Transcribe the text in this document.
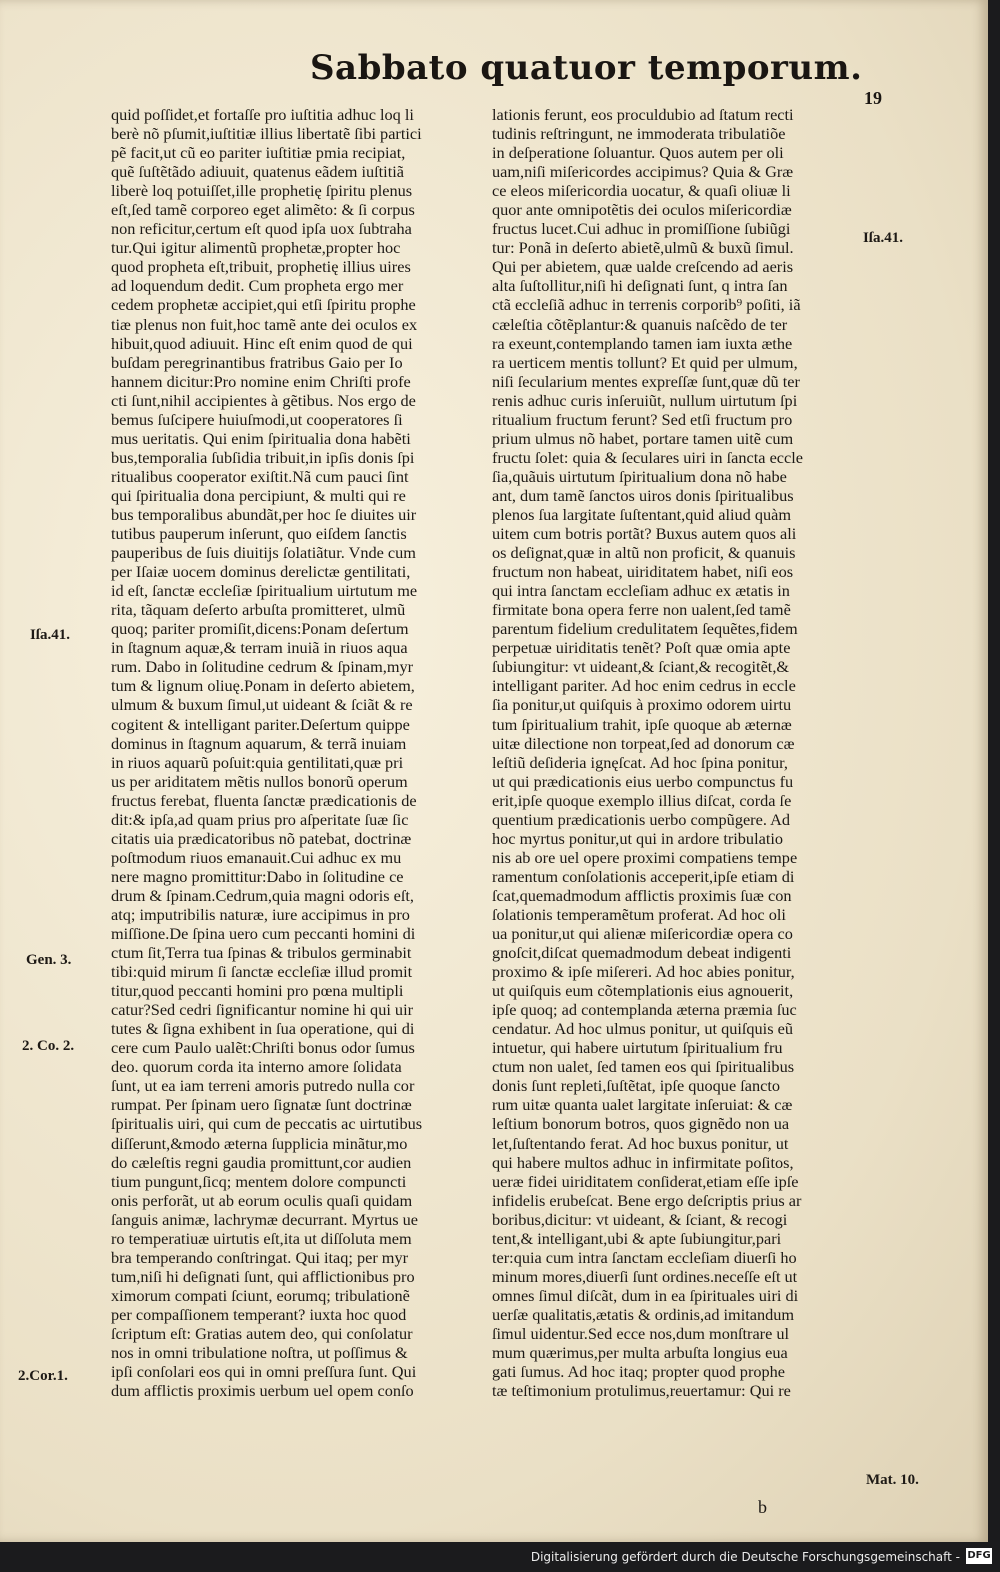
Sabbato quatuor temporum.
19
quid poſſidet,et fortaſſe pro iuſtitia adhuc loq li
berè nõ pſumit,iuſtitiæ illius libertatẽ ſibi partici
pẽ facit,ut cũ eo pariter iuſtitiæ pmia recipiat,
quẽ ſuſtẽtãdo adiuuit, quatenus eãdem iuſtitiã
liberè loq potuiſſet,ille prophetię ſpiritu plenus
eſt,ſed tamẽ corporeo eget alimẽto: & ſi corpus
non reficitur,certum eſt quod ipſa uox ſubtraha
tur.Qui igitur alimentũ prophetæ,propter hoc
quod propheta eſt,tribuit, prophetię illius uires
ad loquendum dedit. Cum propheta ergo mer
cedem prophetæ accipiet,qui etſi ſpiritu prophe
tiæ plenus non fuit,hoc tamẽ ante dei oculos ex
hibuit,quod adiuuit. Hinc eſt enim quod de qui
buſdam peregrinantibus fratribus Gaio per Io
hannem dicitur:Pro nomine enim Chriſti profe
cti ſunt,nihil accipientes à gẽtibus. Nos ergo de
bemus ſuſcipere huiuſmodi,ut cooperatores ſi
mus ueritatis. Qui enim ſpiritualia dona habẽti
bus,temporalia ſubſidia tribuit,in ipſis donis ſpi
ritualibus cooperator exiſtit.Nã cum pauci ſint
qui ſpiritualia dona percipiunt, & multi qui re
bus temporalibus abundãt,per hoc ſe diuites uir
tutibus pauperum inſerunt, quo eiſdem ſanctis
pauperibus de ſuis diuitijs ſolatiãtur. Vnde cum
per Iſaiæ uocem dominus derelictæ gentilitati,
id eſt, ſanctæ eccleſiæ ſpiritualium uirtutum me
rita, tãquam deſerto arbuſta promitteret, ulmũ
quoq; pariter promiſit,dicens:Ponam deſertum
in ſtagnum aquæ,& terram inuiã in riuos aqua
rum. Dabo in ſolitudine cedrum & ſpinam,myr
tum & lignum oliuę.Ponam in deſerto abietem,
ulmum & buxum ſimul,ut uideant & ſciãt & re
cogitent & intelligant pariter.Deſertum quippe
dominus in ſtagnum aquarum, & terrã inuiam
in riuos aquarũ poſuit:quia gentilitati,quæ pri
us per ariditatem mẽtis nullos bonorũ operum
fructus ferebat, fluenta ſanctæ prædicationis de
dit:& ipſa,ad quam prius pro aſperitate ſuæ ſic
citatis uia prædicatoribus nõ patebat, doctrinæ
poſtmodum riuos emanauit.Cui adhuc ex mu
nere magno promittitur:Dabo in ſolitudine ce
drum & ſpinam.Cedrum,quia magni odoris eſt,
atq; imputribilis naturæ, iure accipimus in pro
miſſione.De ſpina uero cum peccanti homini di
ctum ſit,Terra tua ſpinas & tribulos germinabit
tibi:quid mirum ſi ſanctæ eccleſiæ illud promit
titur,quod peccanti homini pro pœna multipli
catur?Sed cedri ſignificantur nomine hi qui uir
tutes & ſigna exhibent in ſua operatione, qui di
cere cum Paulo ualẽt:Chriſti bonus odor ſumus
deo. quorum corda ita interno amore ſolidata
ſunt, ut ea iam terreni amoris putredo nulla cor
rumpat. Per ſpinam uero ſignatæ ſunt doctrinæ
ſpiritualis uiri, qui cum de peccatis ac uirtutibus
diſſerunt,&modo æterna ſupplicia minãtur,mo
do cæleſtis regni gaudia promittunt,cor audien
tium pungunt,ſicq; mentem dolore compuncti
onis perforãt, ut ab eorum oculis quaſi quidam
ſanguis animæ, lachrymæ decurrant. Myrtus ue
ro temperatiuæ uirtutis eſt,ita ut diſſoluta mem
bra temperando conſtringat. Qui itaq; per myr
tum,niſi hi deſignati ſunt, qui afflictionibus pro
ximorum compati ſciunt, eorumq; tribulationẽ
per compaſſionem temperant? iuxta hoc quod
ſcriptum eſt: Gratias autem deo, qui conſolatur
nos in omni tribulatione noſtra, ut poſſimus &
ipſi conſolari eos qui in omni preſſura ſunt. Qui
dum afflictis proximis uerbum uel opem conſo
lationis ferunt, eos proculdubio ad ſtatum recti
tudinis reſtringunt, ne immoderata tribulatiõe
in deſperatione ſoluantur. Quos autem per oli
uam,niſi miſericordes accipimus? Quia & Græ
ce eleos miſericordia uocatur, & quaſi oliuæ li
quor ante omnipotẽtis dei oculos miſericordiæ
fructus lucet.Cui adhuc in promiſſione ſubiũgi
tur: Ponã in deſerto abietẽ,ulmũ & buxũ ſimul.
Qui per abietem, quæ ualde creſcendo ad aeris
alta ſuſtollitur,niſi hi deſignati ſunt, q intra ſan
ctã eccleſiã adhuc in terrenis corporib⁹ poſiti, iã
cæleſtia cõtẽplantur:& quanuis naſcẽdo de ter
ra exeunt,contemplando tamen iam iuxta æthe
ra uerticem mentis tollunt? Et quid per ulmum,
niſi ſecularium mentes expreſſæ ſunt,quæ dũ ter
renis adhuc curis inſeruiũt, nullum uirtutum ſpi
ritualium fructum ferunt? Sed etſi fructum pro
prium ulmus nõ habet, portare tamen uitẽ cum
fructu ſolet: quia & ſeculares uiri in ſancta eccle
ſia,quãuis uirtutum ſpiritualium dona nõ habe
ant, dum tamẽ ſanctos uiros donis ſpiritualibus
plenos ſua largitate ſuſtentant,quid aliud quàm
uitem cum botris portãt? Buxus autem quos ali
os deſignat,quæ in altũ non proficit, & quanuis
fructum non habeat, uiriditatem habet, niſi eos
qui intra ſanctam eccleſiam adhuc ex ætatis in
firmitate bona opera ferre non ualent,ſed tamẽ
parentum fidelium credulitatem ſequẽtes,fidem
perpetuæ uiriditatis tenẽt? Poſt quæ omia apte
ſubiungitur: vt uideant,& ſciant,& recogitẽt,&
intelligant pariter. Ad hoc enim cedrus in eccle
ſia ponitur,ut quiſquis à proximo odorem uirtu
tum ſpiritualium trahit, ipſe quoque ab æternæ
uitæ dilectione non torpeat,ſed ad donorum cæ
leſtiũ deſideria ignęſcat. Ad hoc ſpina ponitur,
ut qui prædicationis eius uerbo compunctus fu
erit,ipſe quoque exemplo illius diſcat, corda ſe
quentium prædicationis uerbo compũgere. Ad
hoc myrtus ponitur,ut qui in ardore tribulatio
nis ab ore uel opere proximi compatiens tempe
ramentum conſolationis acceperit,ipſe etiam di
ſcat,quemadmodum afflictis proximis ſuæ con
ſolationis temperamẽtum proferat. Ad hoc oli
ua ponitur,ut qui alienæ miſericordiæ opera co
gnoſcit,diſcat quemadmodum debeat indigenti
proximo & ipſe miſereri. Ad hoc abies ponitur,
ut quiſquis eum cõtemplationis eius agnouerit,
ipſe quoq; ad contemplanda æterna præmia ſuc
cendatur. Ad hoc ulmus ponitur, ut quiſquis eũ
intuetur, qui habere uirtutum ſpiritualium fru
ctum non ualet, ſed tamen eos qui ſpiritualibus
donis ſunt repleti,ſuſtẽtat, ipſe quoque ſancto
rum uitæ quanta ualet largitate inſeruiat: & cæ
leſtium bonorum botros, quos gignẽdo non ua
let,ſuſtentando ferat. Ad hoc buxus ponitur, ut
qui habere multos adhuc in infirmitate poſitos,
ueræ fidei uiriditatem conſiderat,etiam eſſe ipſe
infidelis erubeſcat. Bene ergo deſcriptis prius ar
boribus,dicitur: vt uideant, & ſciant, & recogi
tent,& intelligant,ubi & apte ſubiungitur,pari
ter:quia cum intra ſanctam eccleſiam diuerſi ho
minum mores,diuerſi ſunt ordines.neceſſe eſt ut
omnes ſimul diſcãt, dum in ea ſpirituales uiri di
uerſæ qualitatis,ætatis & ordinis,ad imitandum
ſimul uidentur.Sed ecce nos,dum monſtrare ul
mum quærimus,per multa arbuſta longius eua
gati ſumus. Ad hoc itaq; propter quod prophe
tæ teſtimonium protulimus,reuertamur: Qui re
Iſa.41.
Iſa.41.
Gen. 3.
2. Co. 2.
2.Cor.1.
Mat. 10.
b
Digitalisierung gefördert durch die Deutsche Forschungsgemeinschaft - DFG
